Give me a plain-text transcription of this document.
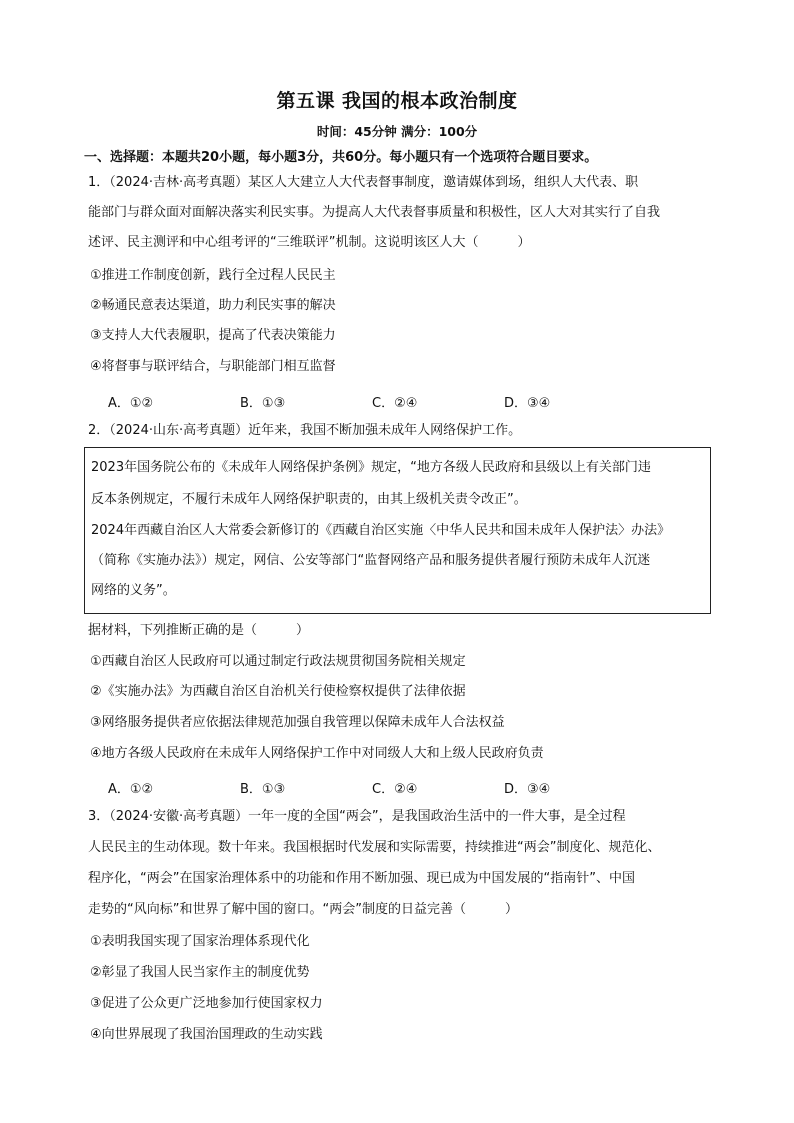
第五课 我国的根本政治制度
时间：45分钟 满分：100分
一、选择题：本题共20小题，每小题3分，共60分。每小题只有一个选项符合题目要求。
1．（2024·吉林·高考真题）某区人大建立人大代表督事制度，邀请媒体到场，组织人大代表、职
能部门与群众面对面解决落实利民实事。为提高人大代表督事质量和积极性，区人大对其实行了自我
述评、民主测评和中心组考评的“三维联评”机制。这说明该区人大（　　　）
①推进工作制度创新，践行全过程人民民主
②畅通民意表达渠道，助力利民实事的解决
③支持人大代表履职，提高了代表决策能力
④将督事与联评结合，与职能部门相互监督
A．①②	B．①③	C．②④	D．③④
2．（2024·山东·高考真题）近年来，我国不断加强未成年人网络保护工作。
2023年国务院公布的《未成年人网络保护条例》规定，“地方各级人民政府和县级以上有关部门违
反本条例规定，不履行未成年人网络保护职责的，由其上级机关责令改正”。
2024年西藏自治区人大常委会新修订的《西藏自治区实施〈中华人民共和国未成年人保护法〉办法》
（简称《实施办法》）规定，网信、公安等部门“监督网络产品和服务提供者履行预防未成年人沉迷
网络的义务”。
据材料，下列推断正确的是（　　　）
①西藏自治区人民政府可以通过制定行政法规贯彻国务院相关规定
②《实施办法》为西藏自治区自治机关行使检察权提供了法律依据
③网络服务提供者应依据法律规范加强自我管理以保障未成年人合法权益
④地方各级人民政府在未成年人网络保护工作中对同级人大和上级人民政府负责
A．①②	B．①③	C．②④	D．③④
3．（2024·安徽·高考真题）一年一度的全国“两会”，是我国政治生活中的一件大事，是全过程
人民民主的生动体现。数十年来。我国根据时代发展和实际需要，持续推进“两会”制度化、规范化、
程序化，“两会”在国家治理体系中的功能和作用不断加强、现已成为中国发展的“指南针”、中国
走势的“风向标”和世界了解中国的窗口。“两会”制度的日益完善（　　　）
①表明我国实现了国家治理体系现代化
②彰显了我国人民当家作主的制度优势
③促进了公众更广泛地参加行使国家权力
④向世界展现了我国治国理政的生动实践
